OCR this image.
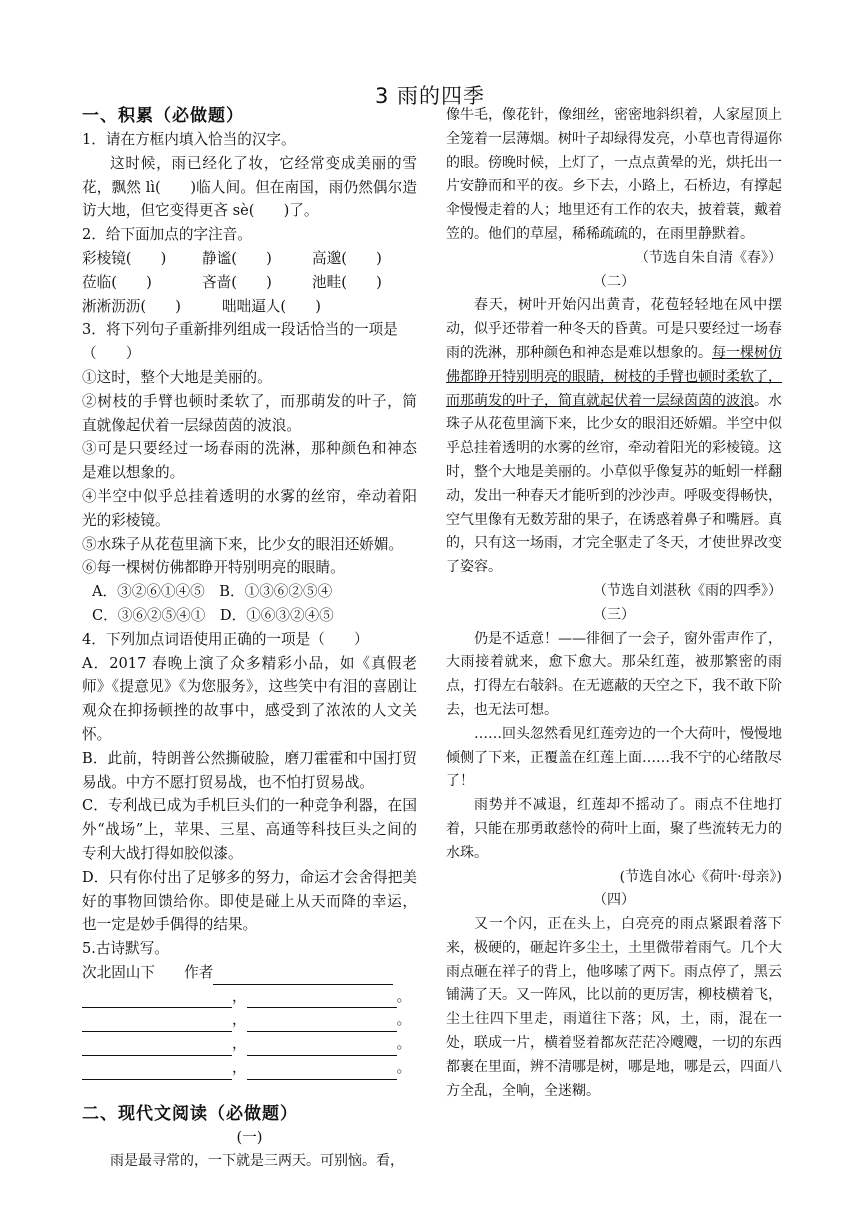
3 雨的四季

一、积累（必做题）

1．请在方框内填入恰当的汉字。

这时候，雨已经化了妆，它经常变成美丽的雪花，飘然 lì(　　)临人间。但在南国，雨仍然偶尔造访大地，但它变得更吝 sè(　　)了。

2．给下面加点的字注音。

彩棱镜(　　) 静谧(　　)	高邈(　　)

莅临(　　)	吝啬(　　)	池畦(　　)

淅淅沥沥(　　)	咄咄逼人(　　)

3．将下列句子重新排列组成一段话恰当的一项是（　　）

①这时，整个大地是美丽的。

②树枝的手臂也顿时柔软了，而那萌发的叶子，简直就像起伏着一层绿茵茵的波浪。

③可是只要经过一场春雨的洗淋，那种颜色和神态是难以想象的。

④半空中似乎总挂着透明的水雾的丝帘，牵动着阳光的彩棱镜。

⑤水珠子从花苞里滴下来，比少女的眼泪还娇媚。

⑥每一棵树仿佛都睁开特别明亮的眼睛。

A．③②⑥①④⑤　B．①③⑥②⑤④

C．③⑥②⑤④①　D．①⑥③②④⑤

4．下列加点词语使用正确的一项是（　　）

A．2017 春晚上演了众多精彩小品，如《真假老师》《提意见》《为您服务》，这些笑中有泪的喜剧让观众在抑扬顿挫的故事中，感受到了浓浓的人文关怀。

B．此前，特朗普公然撕破脸，磨刀霍霍和中国打贸易战。中方不愿打贸易战，也不怕打贸易战。

C．专利战已成为手机巨头们的一种竞争利器，在国外“战场”上，苹果、三星、高通等科技巨头之间的专利大战打得如胶似漆。

D．只有你付出了足够多的努力，命运才会舍得把美好的事物回馈给你。即使是碰上从天而降的幸运，也一定是妙手偶得的结果。

5.古诗默写。

次北固山下　　作者

，	。
，	。
，	。
，	。

二、现代文阅读（必做题）

(一)

雨是最寻常的，一下就是三两天。可别恼。看，

像牛毛，像花针，像细丝，密密地斜织着，人家屋顶上全笼着一层薄烟。树叶子却绿得发亮，小草也青得逼你的眼。傍晚时候，上灯了，一点点黄晕的光，烘托出一片安静而和平的夜。乡下去，小路上，石桥边，有撑起伞慢慢走着的人；地里还有工作的农夫，披着蓑，戴着笠的。他们的草屋，稀稀疏疏的，在雨里静默着。

（节选自朱自清《春》）

（二）

春天，树叶开始闪出黄青，花苞轻轻地在风中摆动，似乎还带着一种冬天的昏黄。可是只要经过一场春雨的洗淋，那种颜色和神态是难以想象的。每一棵树仿佛都睁开特别明亮的眼睛，树枝的手臂也顿时柔软了，而那萌发的叶子，简直就起伏着一层绿茵茵的波浪。水珠子从花苞里滴下来，比少女的眼泪还娇媚。半空中似乎总挂着透明的水雾的丝帘，牵动着阳光的彩棱镜。这时，整个大地是美丽的。小草似乎像复苏的蚯蚓一样翻动，发出一种春天才能听到的沙沙声。呼吸变得畅快，空气里像有无数芳甜的果子，在诱惑着鼻子和嘴唇。真的，只有这一场雨，才完全驱走了冬天，才使世界改变了姿容。

（节选自刘湛秋《雨的四季》）

（三）

仍是不适意！——徘徊了一会子，窗外雷声作了，大雨接着就来，愈下愈大。那朵红莲，被那繁密的雨点，打得左右敧斜。在无遮蔽的天空之下，我不敢下阶去，也无法可想。

……回头忽然看见红莲旁边的一个大荷叶，慢慢地倾侧了下来，正覆盖在红莲上面……我不宁的心绪散尽了！

雨势并不减退，红莲却不摇动了。雨点不住地打着，只能在那勇敢慈怜的荷叶上面，聚了些流转无力的水珠。

(节选自冰心《荷叶·母亲》)

（四）

又一个闪，正在头上，白亮亮的雨点紧跟着落下来，极硬的，砸起许多尘土，土里微带着雨气。几个大雨点砸在祥子的背上，他哆嗦了两下。雨点停了，黑云铺满了天。又一阵风，比以前的更厉害，柳枝横着飞，尘土往四下里走，雨道往下落；风，土，雨，混在一处，联成一片，横着竖着都灰茫茫冷飕飕，一切的东西都裹在里面，辨不清哪是树，哪是地，哪是云，四面八方全乱，全响，全迷糊。
